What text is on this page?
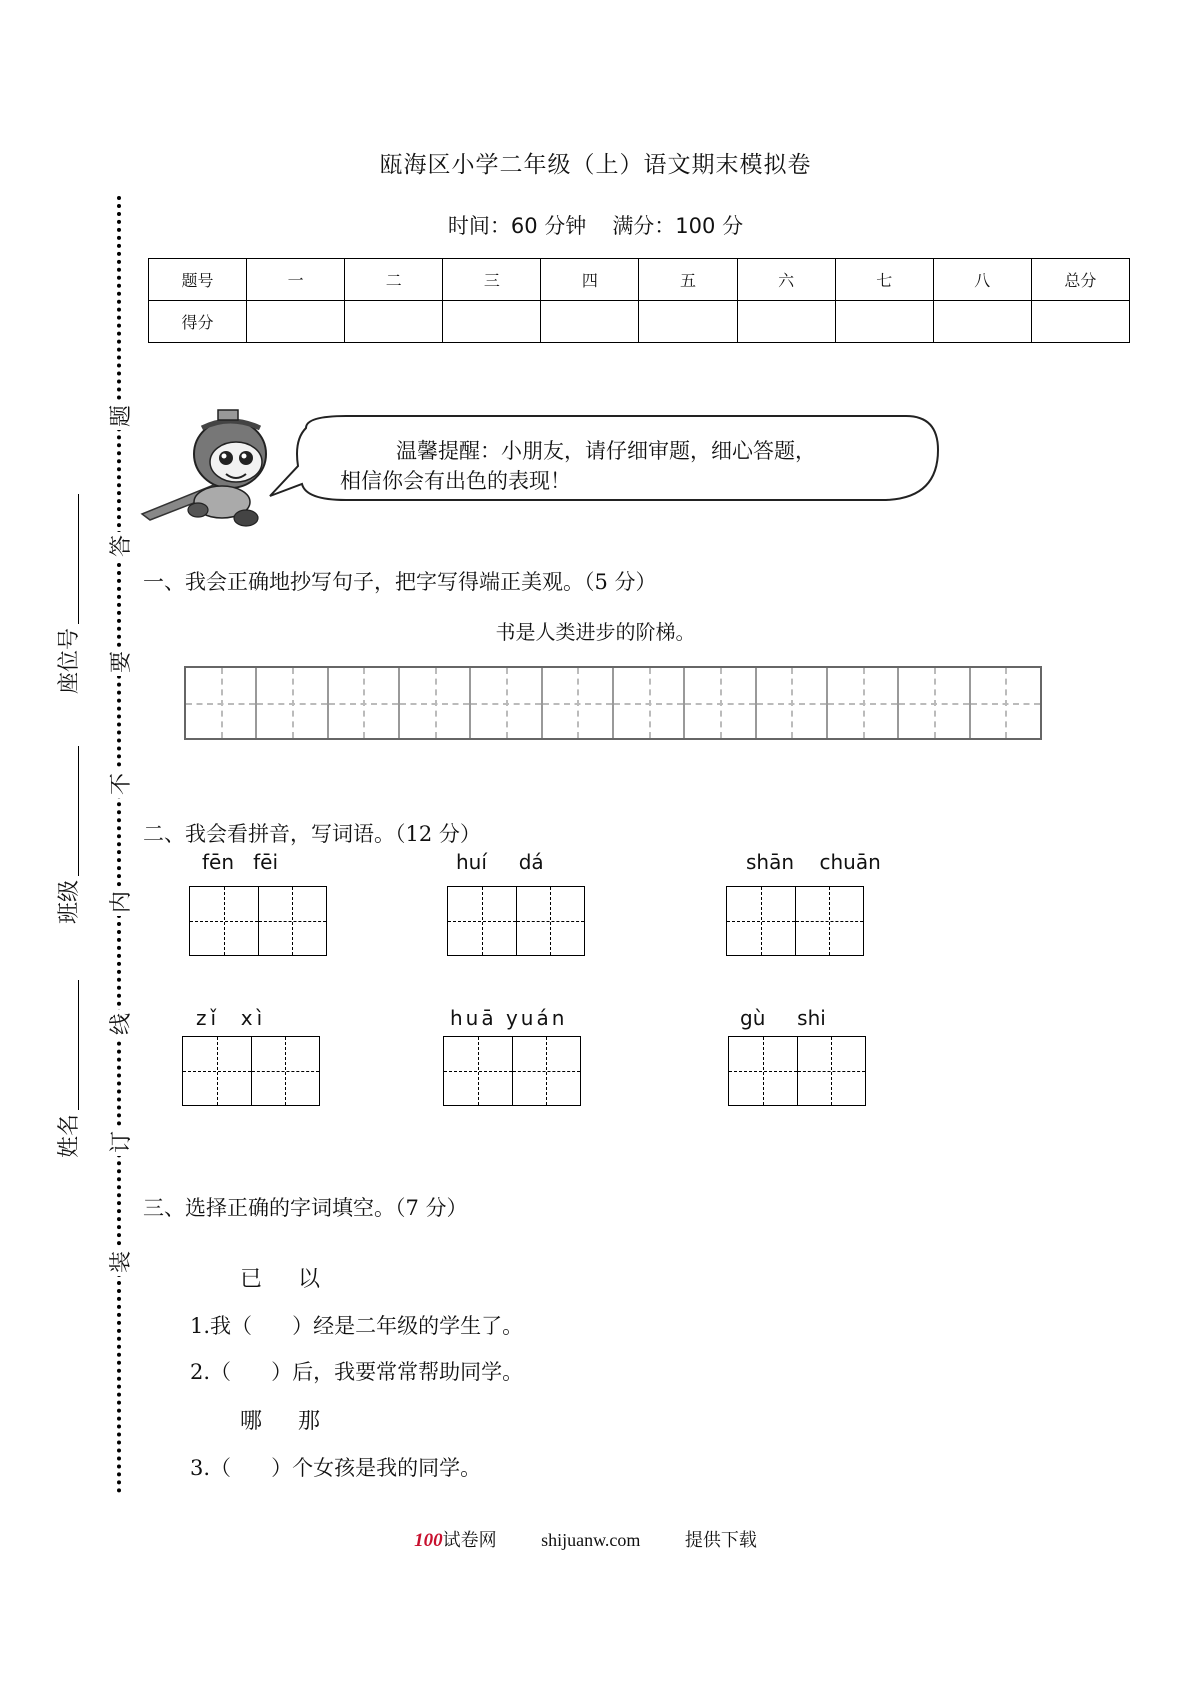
瓯海区小学二年级（上）语文期末模拟卷
时间：60 分钟 满分：100 分
题号	一	二	三	四	五	六	七	八	总分
得分									
题
答
要
不
内
线
订
装
座位号
班级
姓名
温馨提醒：小朋友，请仔细审题，细心答题，
相信你会有出色的表现！
一、我会正确地抄写句子，把字写得端正美观。（5 分）
书是人类进步的阶梯。
二、我会看拼音，写词语。（12 分）
fēn fēi	huí dá	shān chuān
zǐ xì	huā yuán	gù shi
三、选择正确的字词填空。（7 分）
已 以
1.我（      ）经是二年级的学生了。
2.（      ）后，我要常常帮助同学。
哪 那
3.（      ）个女孩是我的同学。
100试卷网 shijuanw.com 提供下载
